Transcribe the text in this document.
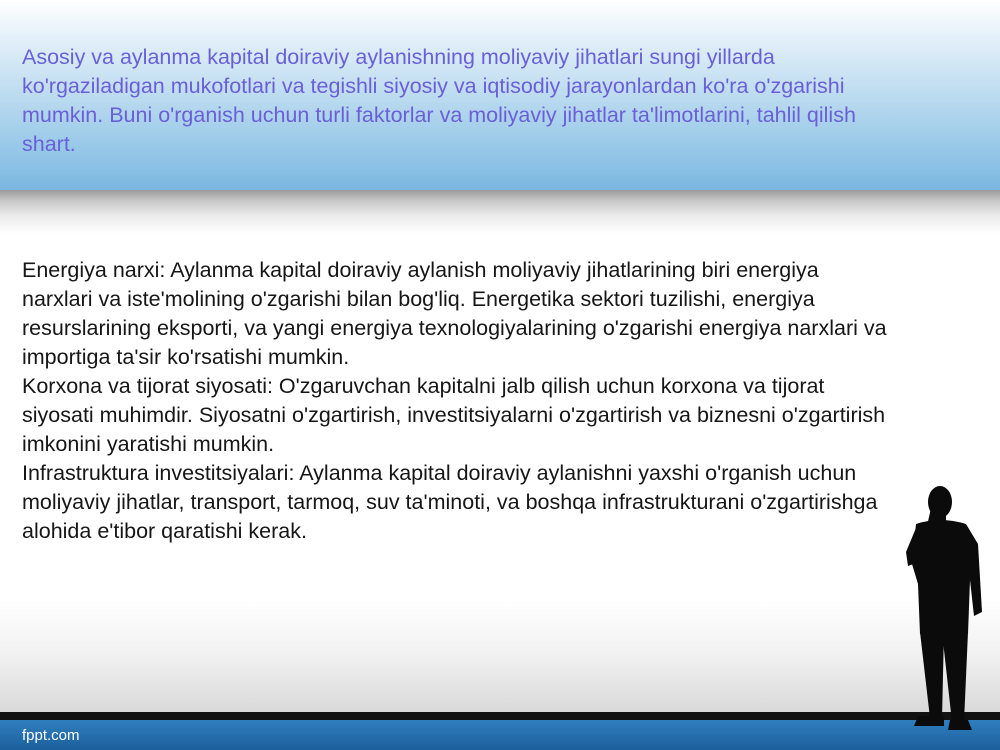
Asosiy va aylanma kapital doiraviy aylanishning moliyaviy jihatlari sungi yillarda ko'rgaziladigan mukofotlari va tegishli siyosiy va iqtisodiy jarayonlardan ko'ra o'zgarishi mumkin. Buni o'rganish uchun turli faktorlar va moliyaviy jihatlar ta'limotlarini, tahlil qilish shart.

Energiya narxi: Aylanma kapital doiraviy aylanish moliyaviy jihatlarining biri energiya narxlari va iste'molining o'zgarishi bilan bog'liq. Energetika sektori tuzilishi, energiya resurslarining eksporti, va yangi energiya texnologiyalarining o'zgarishi energiya narxlari va importiga ta'sir ko'rsatishi mumkin.

Korxona va tijorat siyosati: O'zgaruvchan kapitalni jalb qilish uchun korxona va tijorat siyosati muhimdir. Siyosatni o'zgartirish, investitsiyalarni o'zgartirish va biznesni o'zgartirish imkonini yaratishi mumkin.

Infrastruktura investitsiyalari: Aylanma kapital doiraviy aylanishni yaxshi o'rganish uchun moliyaviy jihatlar, transport, tarmoq, suv ta'minoti, va boshqa infrastrukturani o'zgartirishga alohida e'tibor qaratishi kerak.

fppt.com
